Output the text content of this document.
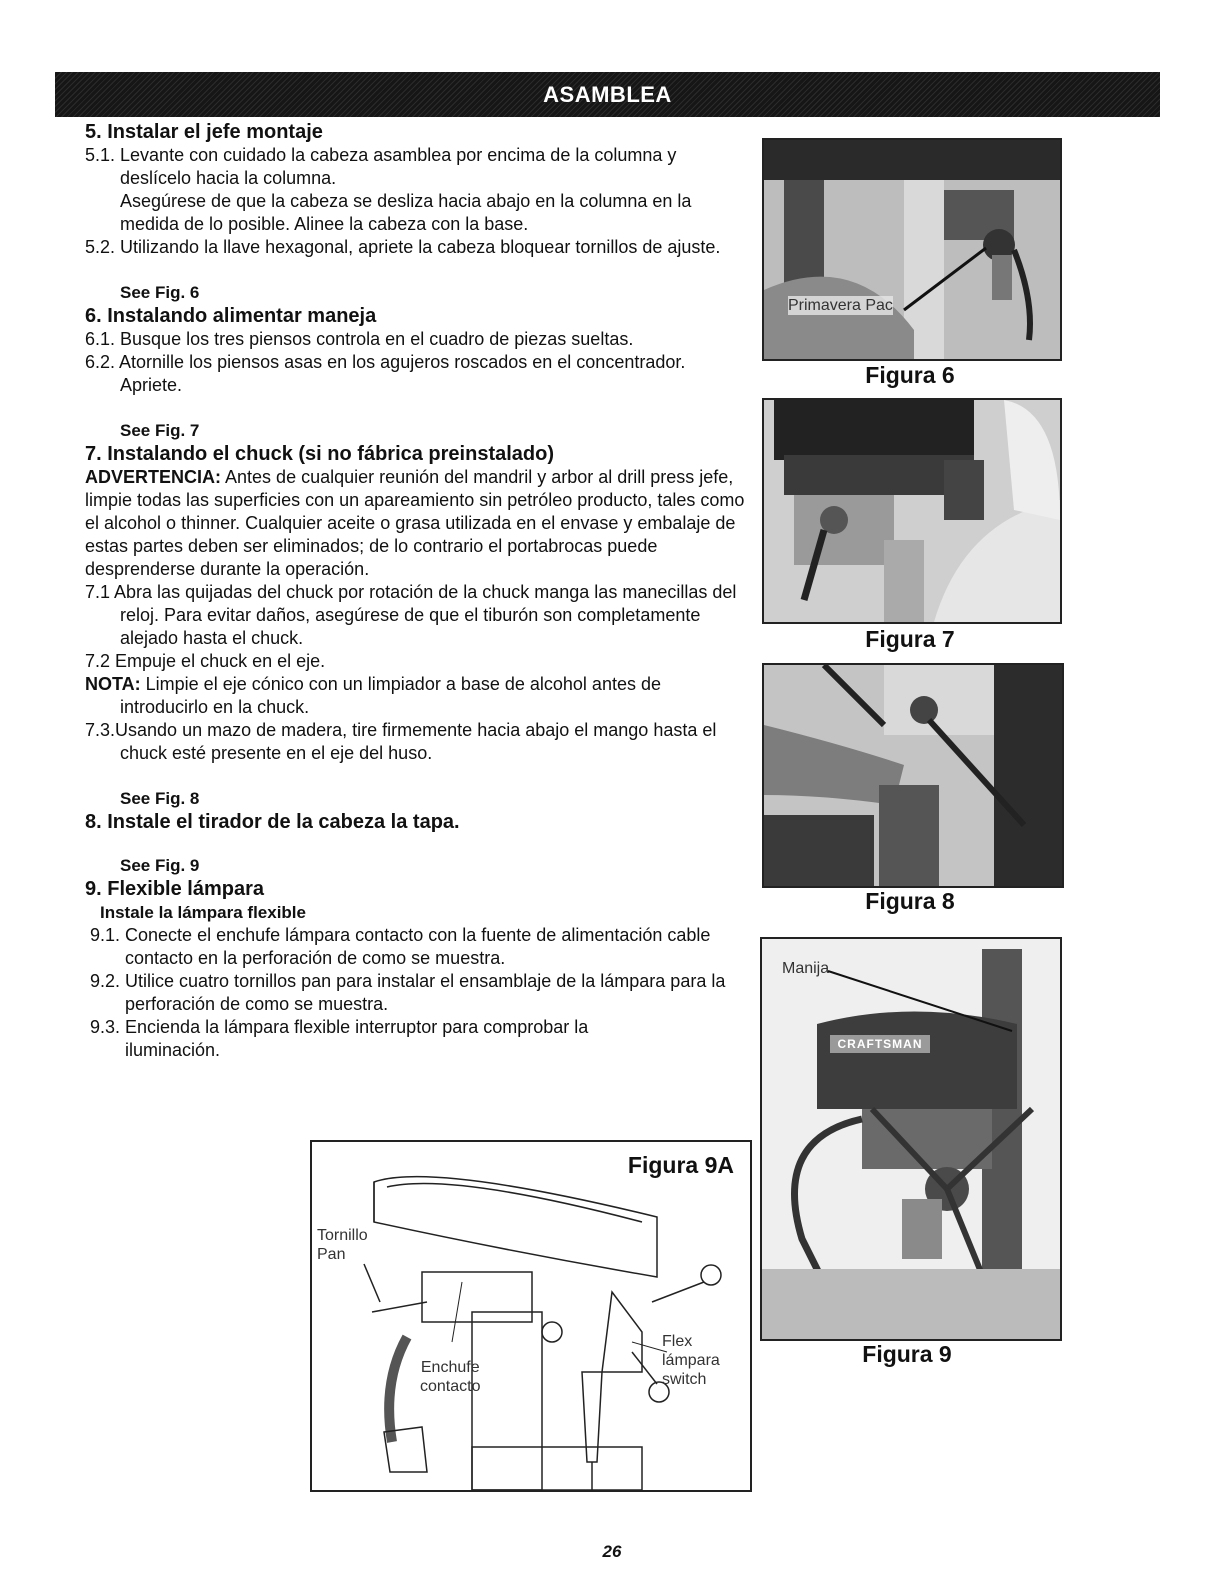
ASAMBLEA

5. Instalar el jefe montaje

5.1. Levante con cuidado la cabeza asamblea por encima de la columna y deslícelo hacia la columna.
Asegúrese de que la cabeza se desliza hacia abajo en la columna en la medida de lo posible. Alinee la cabeza con la base.
5.2. Utilizando la llave hexagonal, apriete la cabeza bloquear tornillos de ajuste.
See Fig. 6

6. Instalando alimentar maneja

6.1. Busque los tres piensos controla en el cuadro de piezas sueltas.
6.2. Atornille los piensos asas en los agujeros roscados en el concentrador. Apriete.
See Fig. 7

7. Instalando el chuck (si no fábrica preinstalado)

ADVERTENCIA: Antes de cualquier reunión del mandril y arbor al drill press jefe, limpie todas las superficies con un apareamiento sin petróleo producto, tales como el alcohol o thinner. Cualquier aceite o grasa utilizada en el envase y embalaje de estas partes deben ser eliminados; de lo contrario el portabrocas puede desprenderse durante la operación.
7.1 Abra las quijadas del chuck por rotación de la chuck manga las manecillas del reloj. Para evitar daños, asegúrese de que el tiburón son completamente alejado hasta el chuck.
7.2 Empuje el chuck en el eje.
NOTA: Limpie el eje cónico con un limpiador a base de alcohol antes de introducirlo en la chuck.
7.3.Usando un mazo de madera, tire firmemente hacia abajo el mango hasta el chuck esté presente en el eje del huso.
See Fig. 8

8. Instale el tirador de la cabeza la tapa.

See Fig. 9

9. Flexible lámpara

Instale la lámpara flexible
9.1. Conecte el enchufe lámpara contacto con la fuente de alimentación cable contacto en la perforación de como se muestra.
9.2. Utilice cuatro tornillos pan para instalar el ensamblaje de la lámpara para la perforación de como se muestra.
9.3. Encienda la lámpara flexible interruptor para comprobar la iluminación.
Primavera Pac
Figura 6
Figura 7
Figura 8
Manija
CRAFTSMAN
Figura 9
Figura 9A
Tornillo
Pan
Enchufe
contacto
Flex
lámpara
switch
26
